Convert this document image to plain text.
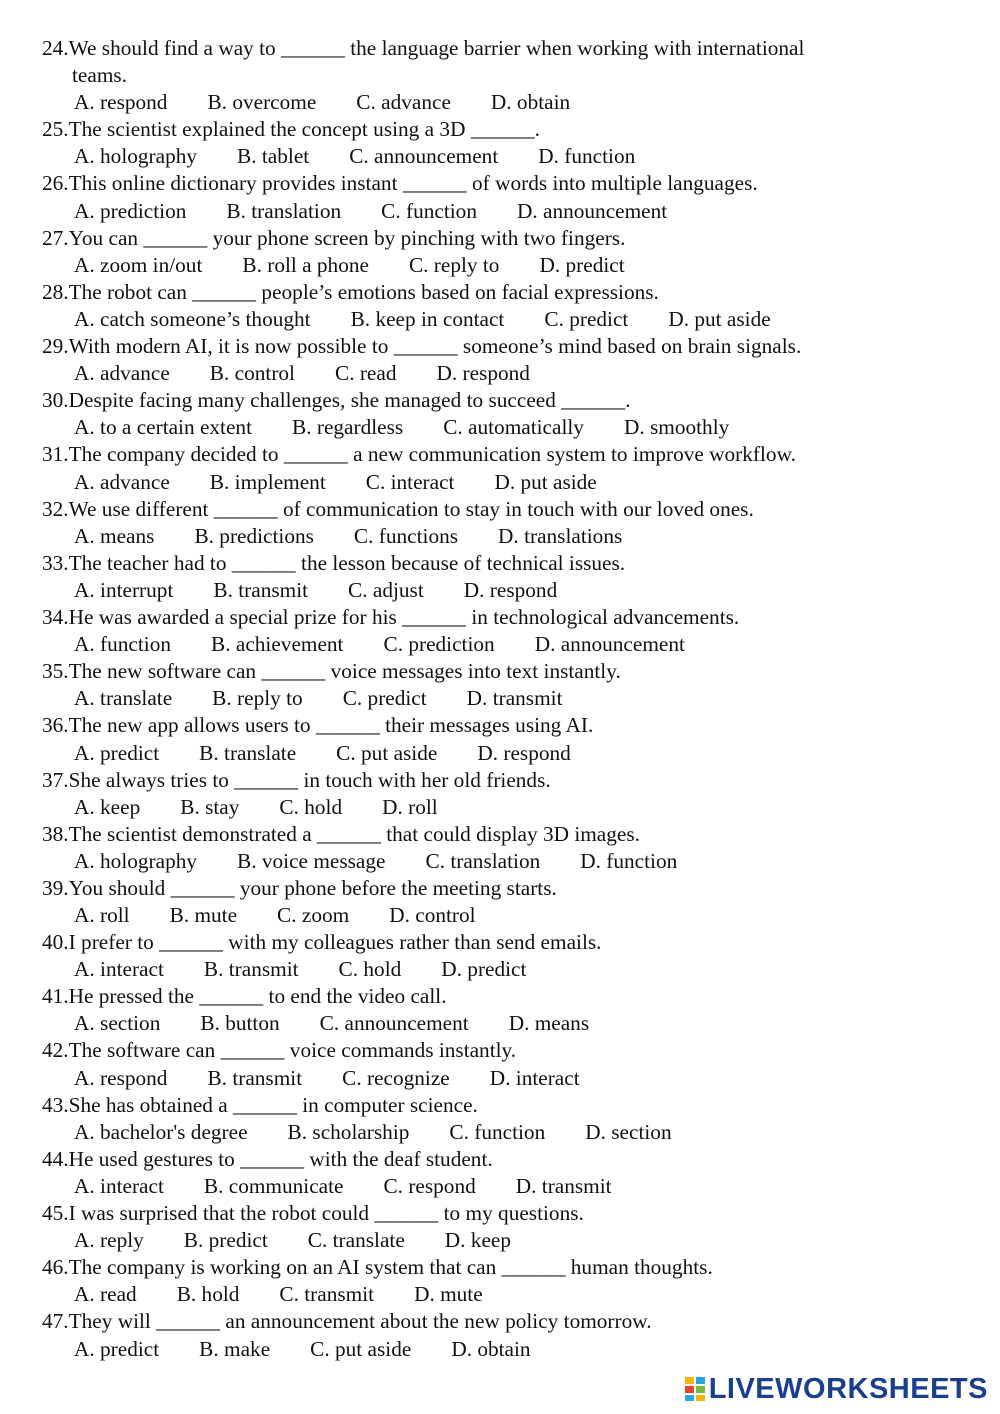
24.We should find a way to ______ the language barrier when working with international
teams.
A. respond B. overcome C. advance D. obtain
25.The scientist explained the concept using a 3D ______.
A. holography B. tablet C. announcement D. function
26.This online dictionary provides instant ______ of words into multiple languages.
A. prediction B. translation C. function D. announcement
27.You can ______ your phone screen by pinching with two fingers.
A. zoom in/out B. roll a phone C. reply to D. predict
28.The robot can ______ people’s emotions based on facial expressions.
A. catch someone’s thought B. keep in contact C. predict D. put aside
29.With modern AI, it is now possible to ______ someone’s mind based on brain signals.
A. advance B. control C. read D. respond
30.Despite facing many challenges, she managed to succeed ______.
A. to a certain extent B. regardless C. automatically D. smoothly
31.The company decided to ______ a new communication system to improve workflow.
A. advance B. implement C. interact D. put aside
32.We use different ______ of communication to stay in touch with our loved ones.
A. means B. predictions C. functions D. translations
33.The teacher had to ______ the lesson because of technical issues.
A. interrupt B. transmit C. adjust D. respond
34.He was awarded a special prize for his ______ in technological advancements.
A. function B. achievement C. prediction D. announcement
35.The new software can ______ voice messages into text instantly.
A. translate B. reply to C. predict D. transmit
36.The new app allows users to ______ their messages using AI.
A. predict B. translate C. put aside D. respond
37.She always tries to ______ in touch with her old friends.
A. keep B. stay C. hold D. roll
38.The scientist demonstrated a ______ that could display 3D images.
A. holography B. voice message C. translation D. function
39.You should ______ your phone before the meeting starts.
A. roll B. mute C. zoom D. control
40.I prefer to ______ with my colleagues rather than send emails.
A. interact B. transmit C. hold D. predict
41.He pressed the ______ to end the video call.
A. section B. button C. announcement D. means
42.The software can ______ voice commands instantly.
A. respond B. transmit C. recognize D. interact
43.She has obtained a ______ in computer science.
A. bachelor's degree B. scholarship C. function D. section
44.He used gestures to ______ with the deaf student.
A. interact B. communicate C. respond D. transmit
45.I was surprised that the robot could ______ to my questions.
A. reply B. predict C. translate D. keep
46.The company is working on an AI system that can ______ human thoughts.
A. read B. hold C. transmit D. mute
47.They will ______ an announcement about the new policy tomorrow.
A. predict B. make C. put aside D. obtain
LIVEWORKSHEETS
